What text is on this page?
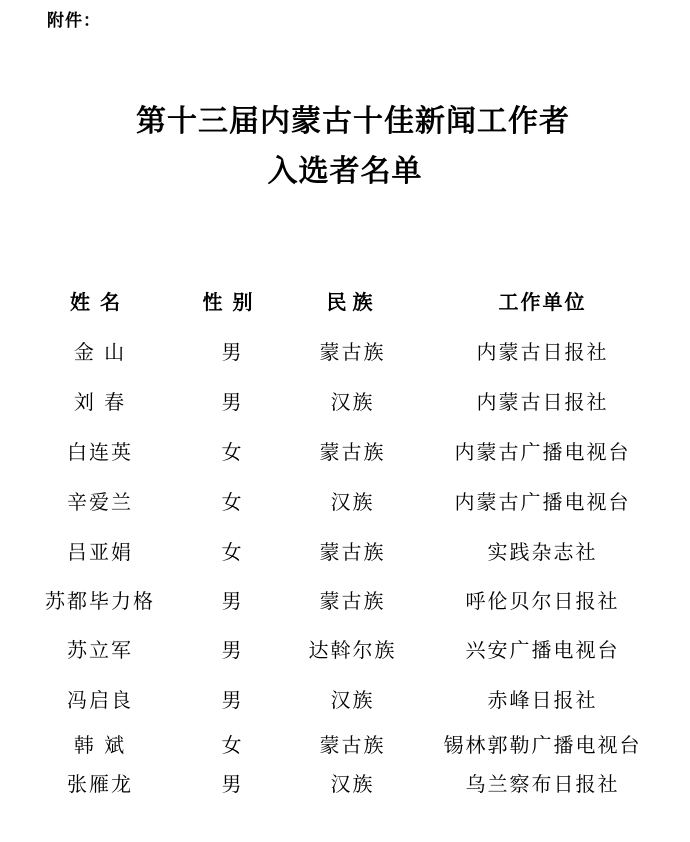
附件：
第十三届内蒙古十佳新闻工作者
入选者名单
姓名	性别	民族	工作单位
金 山	男	蒙古族	内蒙古日报社
刘 春	男	汉族	内蒙古日报社
白连英	女	蒙古族	内蒙古广播电视台
辛爱兰	女	汉族	内蒙古广播电视台
吕亚娟	女	蒙古族	实践杂志社
苏都毕力格	男	蒙古族	呼伦贝尔日报社
苏立军	男	达斡尔族	兴安广播电视台
冯启良	男	汉族	赤峰日报社
韩 斌	女	蒙古族	锡林郭勒广播电视台
张雁龙	男	汉族	乌兰察布日报社
